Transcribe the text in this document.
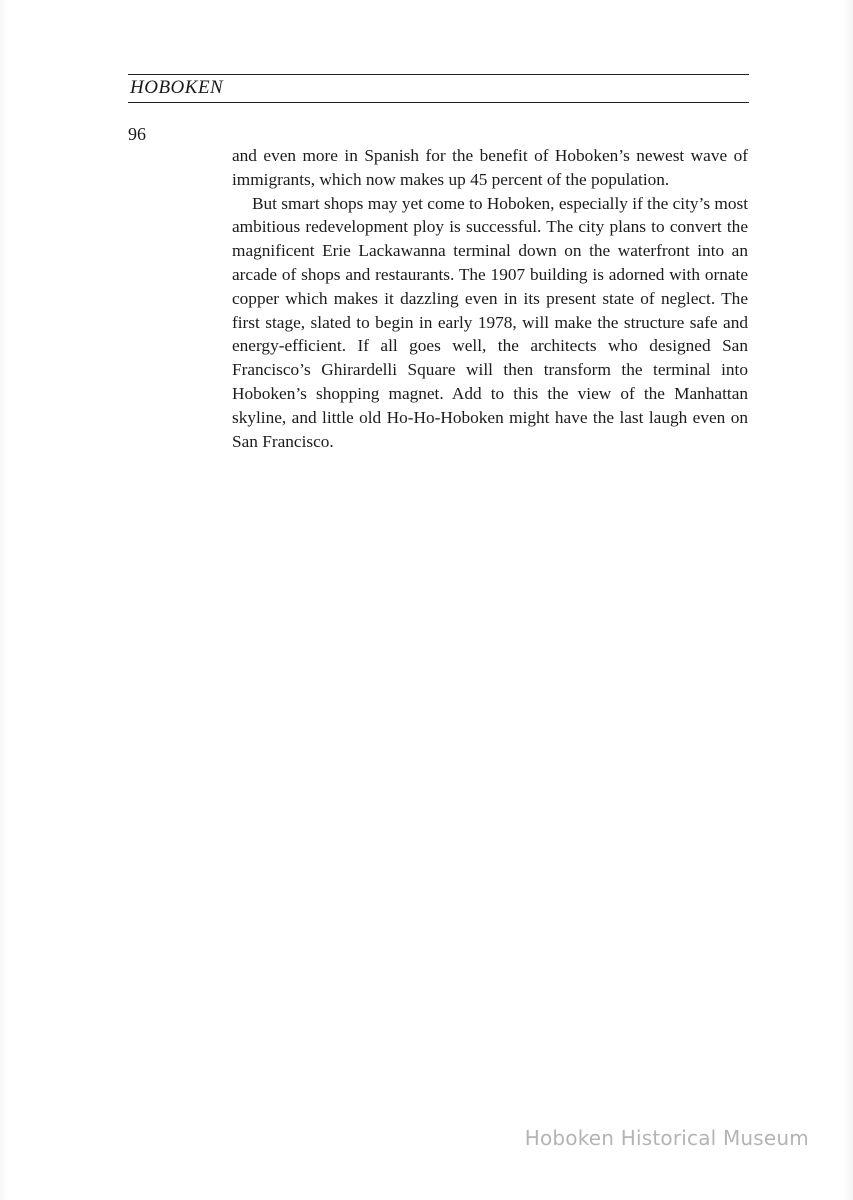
HOBOKEN
96

and even more in Spanish for the benefit of Hoboken’s newest wave of immigrants, which now makes up 45 percent of the population.

But smart shops may yet come to Hoboken, especially if the city’s most ambitious redevelopment ploy is successful. The city plans to convert the magnificent Erie Lackawanna terminal down on the waterfront into an arcade of shops and restaurants. The 1907 building is adorned with ornate copper which makes it dazzling even in its present state of neglect. The first stage, slated to begin in early 1978, will make the structure safe and energy-efficient. If all goes well, the architects who designed San Francisco’s Ghirardelli Square will then transform the terminal into Hoboken’s shopping magnet. Add to this the view of the Manhattan skyline, and little old Ho-Ho-Hoboken might have the last laugh even on San Francisco.

Hoboken Historical Museum
